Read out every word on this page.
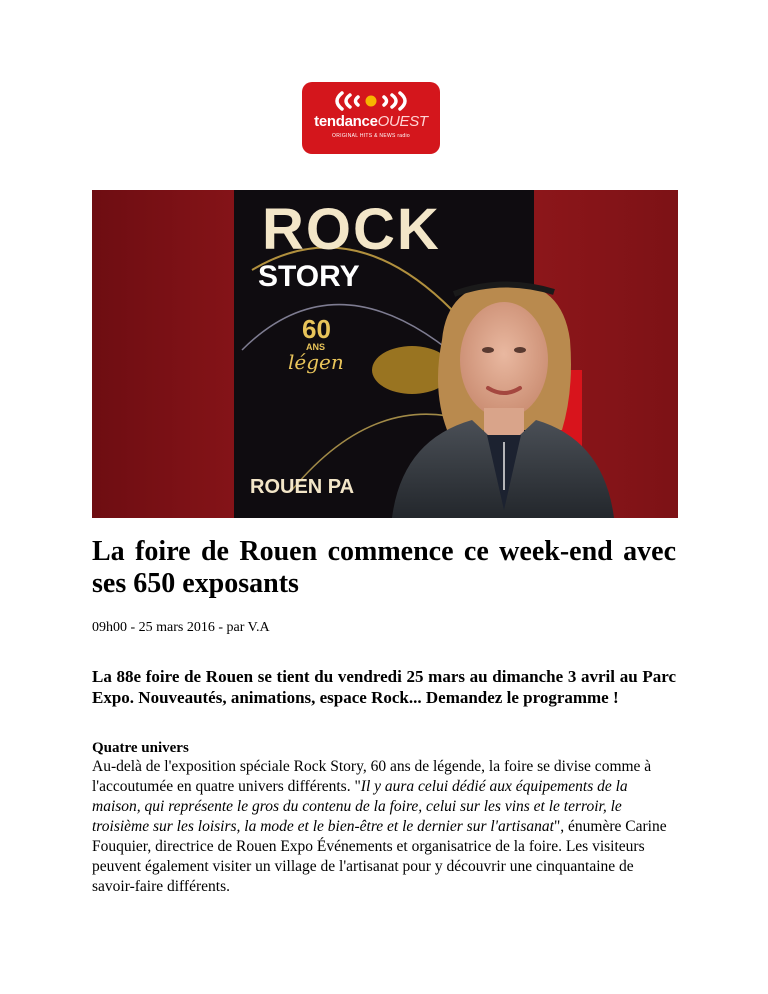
tendanceOUEST
ORIGINAL HITS & NEWS radio
ROCK
STORY
60
ANS
légen
ROUEN PA
La foire de Rouen commence ce week-end avec ses 650 exposants

09h00 - 25 mars 2016 - par V.A

La 88e foire de Rouen se tient du vendredi 25 mars au dimanche 3 avril au Parc Expo. Nouveautés, animations, espace Rock... Demandez le programme !

Quatre univers

Au-delà de l'exposition spéciale Rock Story, 60 ans de légende, la foire se divise comme à l'accoutumée en quatre univers différents. "Il y aura celui dédié aux équipements de la maison, qui représente le gros du contenu de la foire, celui sur les vins et le terroir, le troisième sur les loisirs, la mode et le bien-être et le dernier sur l'artisanat", énumère Carine Fouquier, directrice de Rouen Expo Événements et organisatrice de la foire. Les visiteurs peuvent également visiter un village de l'artisanat pour y découvrir une cinquantaine de savoir-faire différents.
